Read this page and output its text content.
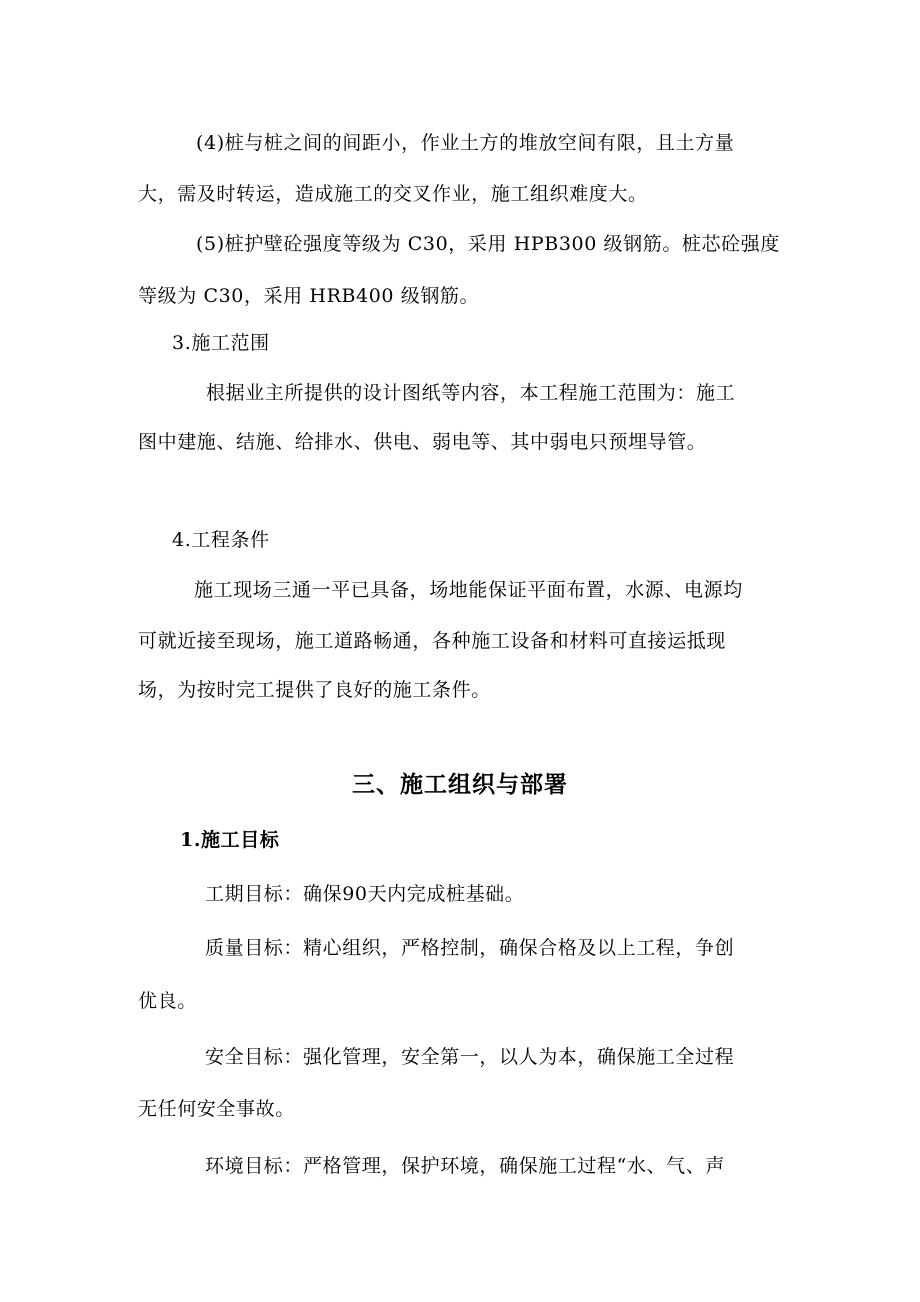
(4)桩与桩之间的间距小，作业土方的堆放空间有限，且土方量
大，需及时转运，造成施工的交叉作业，施工组织难度大。
(5)桩护壁砼强度等级为 C30，采用 HPB300 级钢筋。桩芯砼强度
等级为 C30，采用 HRB400 级钢筋。
3.施工范围
根据业主所提供的设计图纸等内容，本工程施工范围为：施工
图中建施、结施、给排水、供电、弱电等、其中弱电只预埋导管。
4.工程条件
施工现场三通一平已具备，场地能保证平面布置，水源、电源均
可就近接至现场，施工道路畅通，各种施工设备和材料可直接运抵现
场，为按时完工提供了良好的施工条件。
三、施工组织与部署
1.施工目标
工期目标：确保90天内完成桩基础。
质量目标：精心组织，严格控制，确保合格及以上工程，争创
优良。
安全目标：强化管理，安全第一，以人为本，确保施工全过程
无任何安全事故。
环境目标：严格管理，保护环境，确保施工过程“水、气、声
